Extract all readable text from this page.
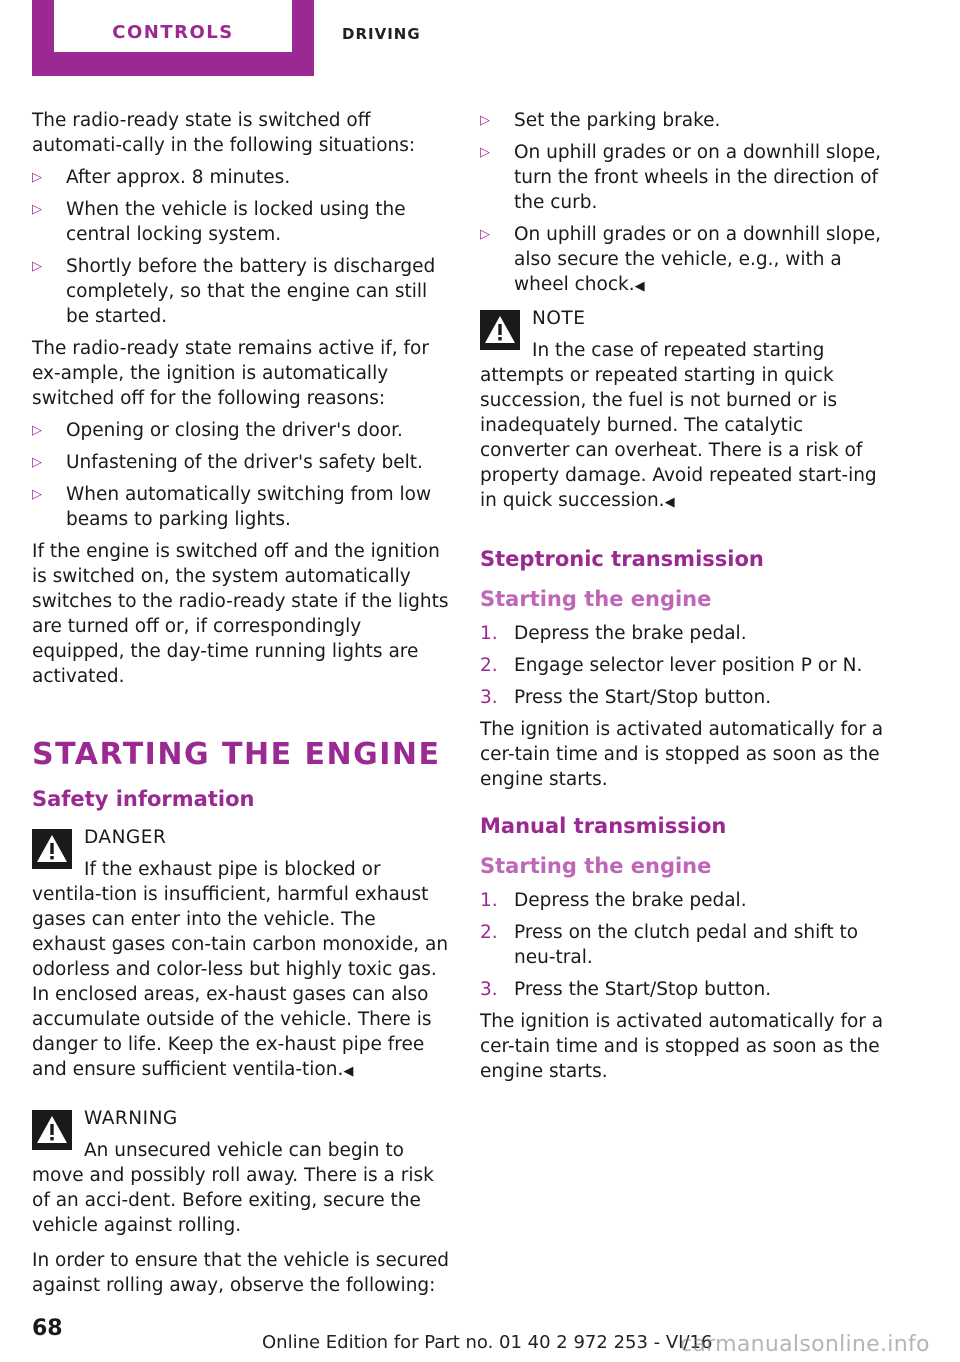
CONTROLS	DRIVING

The radio-ready state is switched off automati-cally in the following situations:

▷ After approx. 8 minutes.
▷ When the vehicle is locked using the central locking system.
▷ Shortly before the battery is discharged completely, so that the engine can still be started.

The radio-ready state remains active if, for ex-ample, the ignition is automatically switched off for the following reasons:

▷ Opening or closing the driver's door.
▷ Unfastening of the driver's safety belt.
▷ When automatically switching from low beams to parking lights.

If the engine is switched off and the ignition is switched on, the system automatically switches to the radio-ready state if the lights are turned off or, if correspondingly equipped, the day-time running lights are activated.

STARTING THE ENGINE
Safety information
DANGER
If the exhaust pipe is blocked or ventila-tion is insufficient, harmful exhaust gases can enter into the vehicle. The exhaust gases con-tain carbon monoxide, an odorless and color-less but highly toxic gas. In enclosed areas, ex-haust gases can also accumulate outside of the vehicle. There is danger to life. Keep the ex-haust pipe free and ensure sufficient ventila-tion.◀
WARNING
An unsecured vehicle can begin to move and possibly roll away. There is a risk of an acci-dent. Before exiting, secure the vehicle against rolling.

In order to ensure that the vehicle is secured against rolling away, observe the following:

▷ Set the parking brake.
▷ On uphill grades or on a downhill slope, turn the front wheels in the direction of the curb.
▷ On uphill grades or on a downhill slope, also secure the vehicle, e.g., with a wheel chock.◀
NOTE
In the case of repeated starting attempts or repeated starting in quick succession, the fuel is not burned or is inadequately burned. The catalytic converter can overheat. There is a risk of property damage. Avoid repeated start-ing in quick succession.◀
Steptronic transmission
Starting the engine
1. Depress the brake pedal.
2. Engage selector lever position P or N.
3. Press the Start/Stop button.

The ignition is activated automatically for a cer-tain time and is stopped as soon as the engine starts.

Manual transmission
Starting the engine
1. Depress the brake pedal.
2. Press on the clutch pedal and shift to neu-tral.
3. Press the Start/Stop button.

The ignition is activated automatically for a cer-tain time and is stopped as soon as the engine starts.

68
Online Edition for Part no. 01 40 2 972 253 - VI/16
carmanualsonline.info
